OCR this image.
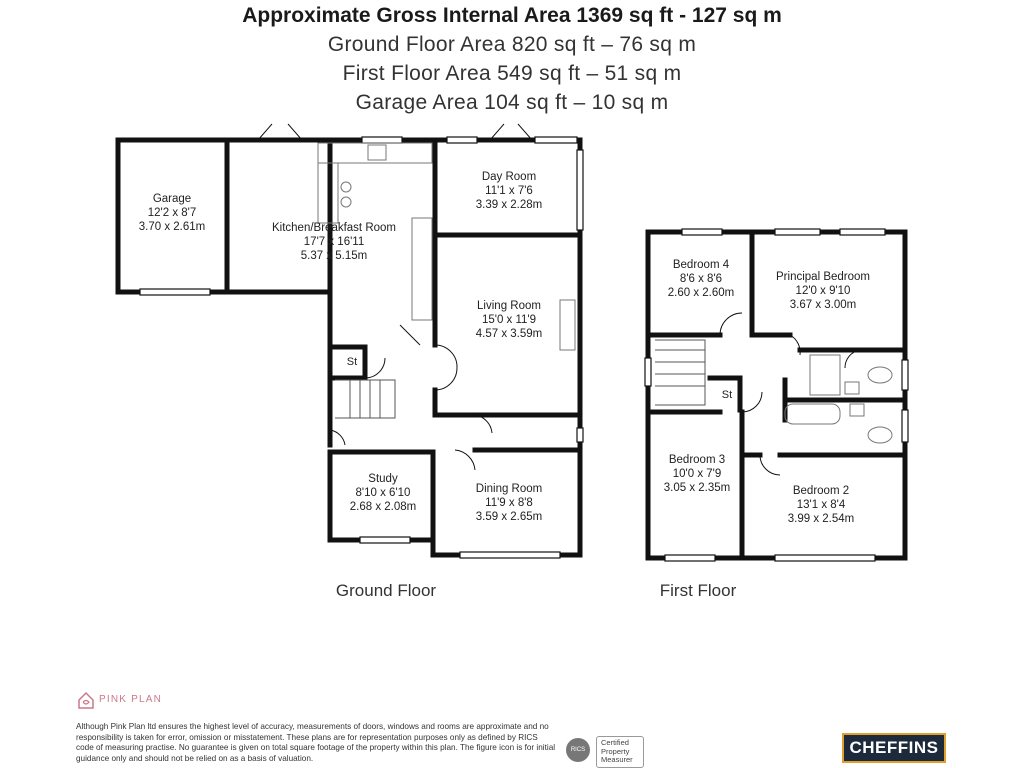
Approximate Gross Internal Area 1369 sq ft - 127 sq m
Ground Floor Area 820 sq ft – 76 sq m
First Floor Area 549 sq ft – 51 sq m
Garage Area 104 sq ft – 10 sq m
Garage
12'2 x 8'7
3.70 x 2.61m	Kitchen/Breakfast Room
17'7 x 16'11
5.37 x 5.15m
Day Room
11'1 x 7'6
3.39 x 2.28m
Living Room
15'0 x 11'9
4.57 x 3.59m
Study
8'10 x 6'10
2.68 x 2.08m
Dining Room
11'9 x 8'8
3.59 x 2.65m
Bedroom 4
8'6 x 8'6
2.60 x 2.60m
Principal Bedroom
12'0 x 9'10
3.67 x 3.00m
Bedroom 3
10'0 x 7'9
3.05 x 2.35m	Bedroom 2
13'1 x 8'4
3.99 x 2.54m
St
St
Ground Floor	First Floor
PINK PLAN
Although Pink Plan ltd ensures the highest level of accuracy, measurements of doors, windows and rooms are approximate and no responsibility is taken for error, omission or misstatement. These plans are for representation purposes only as defined by RICS code of measuring practise. No guarantee is given on total square footage of the property within this plan. The figure icon is for initial guidance only and should not be relied on as a basis of valuation.
RICS
Certified Property Measurer
CHEFFINS
